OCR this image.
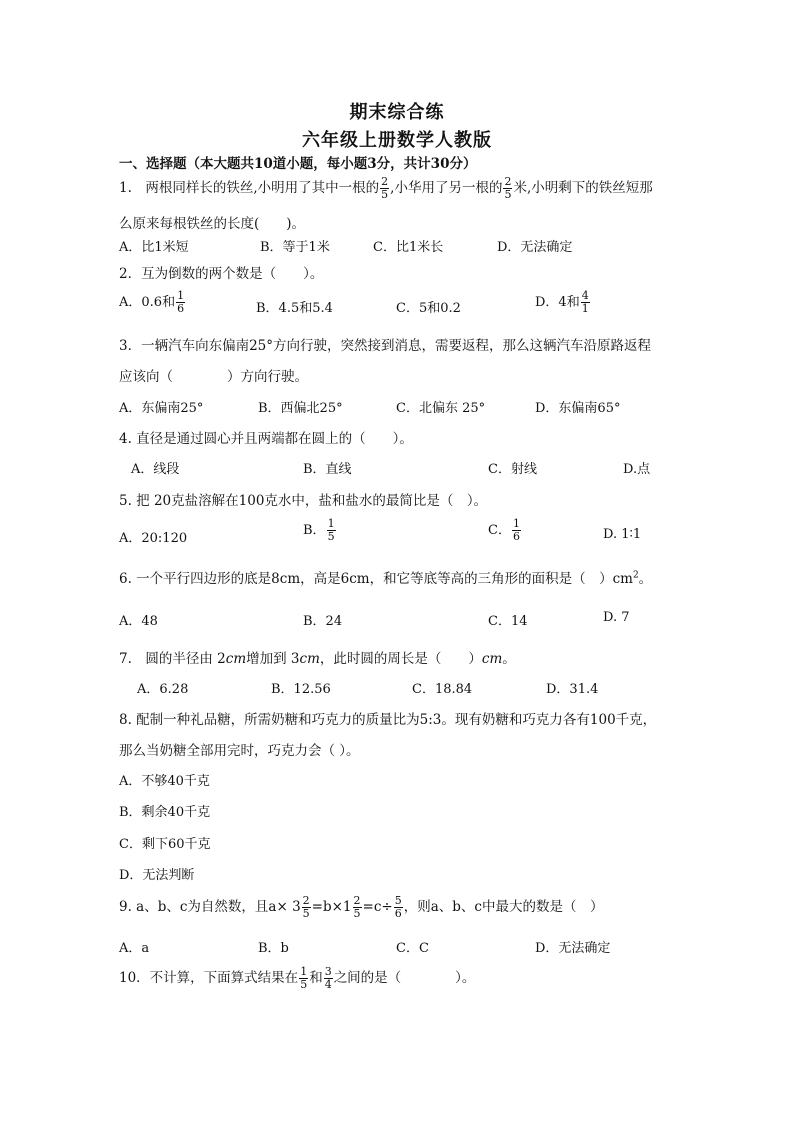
期末综合练
六年级上册数学人教版
一、选择题（本大题共10道小题，每小题3分，共计30分）
1.　两根同样长的铁丝,小明用了其中一根的 $\frac{2}{5}$ ,小华用了另一根的 $\frac{2}{5}$ 米,小明剩下的铁丝短那
么原来每根铁丝的长度(　　)。
A．比1米短	B．等于1米	C．比1米长	D．无法确定
2．互为倒数的两个数是（　　）。
A．0.6和 $\frac{1}{6}$	B．4.5和5.4	C．5和0.2	D．4和 $\frac{4}{1}$
3．一辆汽车向东偏南25°方向行驶，突然接到消息，需要返程，那么这辆汽车沿原路返程
应该向（　　　　）方向行驶。
A．东偏南25°	B．西偏北25°	C．北偏东 25°	D．东偏南65°
4. 直径是通过圆心并且两端都在圆上的（　　）。
A．线段	B．直线	C．射线	D.点
5. 把 20克盐溶解在100克水中，盐和盐水的最简比是（　）。
A．20:120
B． $\frac{1}{5}$	C． $\frac{1}{6}$	D. 1∶1
6. 一个平行四边形的底是8cm，高是6cm，和它等底等高的三角形的面积是（　）$cm^2$。
A．48	B．24	C．14	D. 7
7.　圆的半径由 2cm增加到 3cm，此时圆的周长是（　　）cm。
A．6.28	B．12.56	C．18.84	D．31.4
8. 配制一种礼品糖，所需奶糖和巧克力的质量比为5:3。现有奶糖和巧克力各有100千克，
那么当奶糖全部用完时，巧克力会（ ）。
A．不够40千克
B．剩余40千克
C．剩下60千克
D．无法判断
9. a、b、c为自然数，且$a\times 3 \frac{2}{5} =b\times 1 \frac{2}{5} =c\div \frac{5}{6}$ ，则a、b、c中最大的数是（　）
A．a	B．b	C．C	D．无法确定
10．不计算，下面算式结果在 $\frac{1}{5}$ 和 $\frac{3}{4}$ 之间的是（　　　　）。
